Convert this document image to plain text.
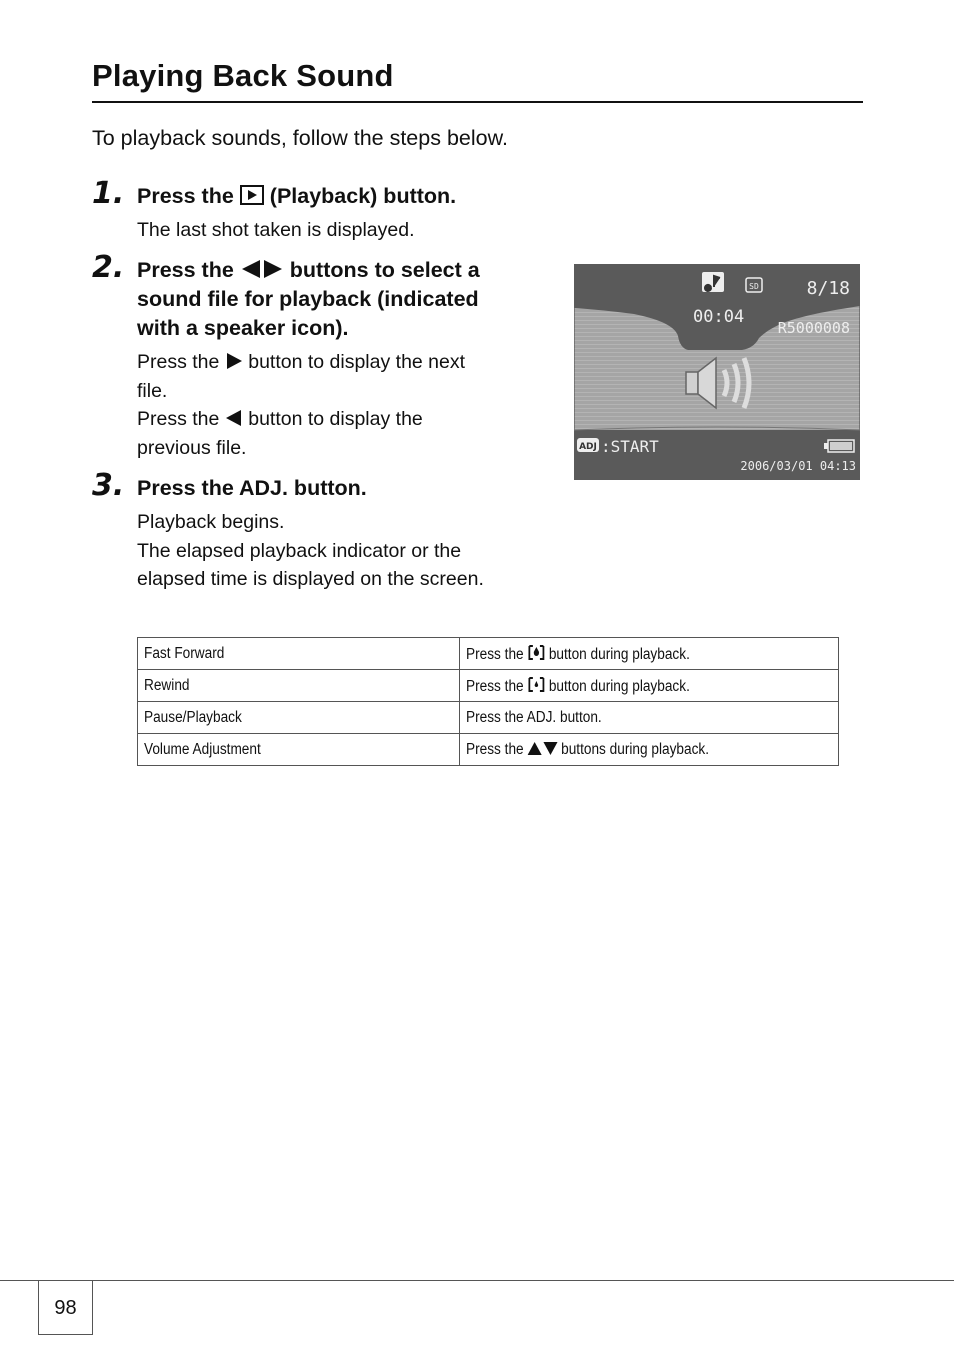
Playing Back Sound
To playback sounds, follow the steps below.
1. Press the (Playback) button.
The last shot taken is displayed.
2. Press the	buttons to select a
sound file for playback (indicated
with a speaker icon).
Press the button to display the next
file.
Press the button to display the
previous file.
3. Press the ADJ. button.
Playback begins.
The elapsed playback indicator or the
elapsed time is displayed on the screen.
SD	8/18
00:04
R5000008
ADJ :START
2006/03/01 04:13
Fast Forward	Press the button during playback.
Rewind	Press the button during playback.
Pause/Playback	Press the ADJ. button.
Volume Adjustment	Press the buttons during playback.
98
